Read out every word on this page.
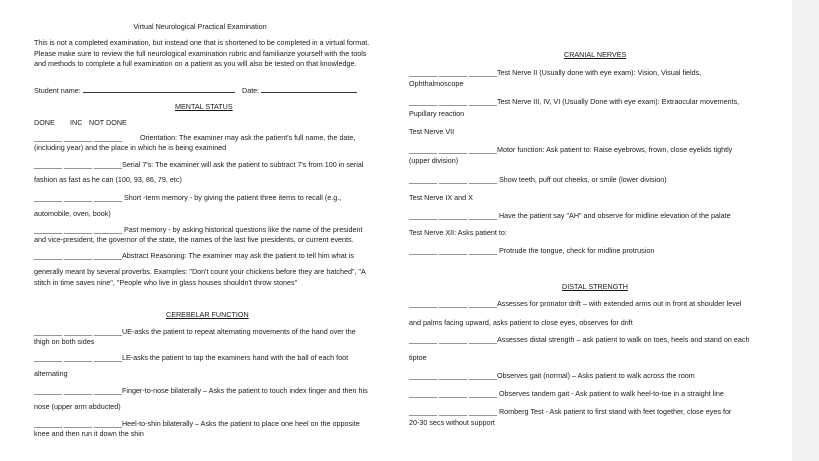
Virtual Neurological Practical Examination
This is not a completed examination, but instead one that is shortened to be completed in a virtual format. Please make sure to review the full neurological examination rubric and familiarize yourself with the tools and methods to complete a full examination on a patient as you will also be tested on that knowledge.
Student name:	Date:
MENTAL STATUS
DONE INC NOT DONE
_______ _______ _______ Orientation: The examiner may ask the patient's full name, the date,
(including year) and the place in which he is being examined
_______ _______ _______Serial 7's: The examiner will ask the patient to subtract 7's from 100 in serial
fashion as fast as he can (100, 93, 86, 79, etc)
_______ _______ _______ Short -term memory - by giving the patient three items to recall (e.g.,
automobile, oven, book)
_______ _______ _______ Past memory - by asking historical questions like the name of the president
and vice-president, the governor of the state, the names of the last five presidents, or current events.
_______ _______ _______Abstract Reasoning: The examiner may ask the patient to tell him what is
generally meant by several proverbs. Examples: "Don't count your chickens before they are hatched", "A stitch in time saves nine", "People who live in glass houses shouldn't throw stones"
CEREBELAR FUNCTION
_______ _______ _______UE-asks the patient to repeat alternating movements of the hand over the
thigh on both sides
_______ _______ _______LE-asks the patient to tap the examiners hand with the ball of each foot
alternating
_______ _______ _______Finger-to-nose bilaterally – Asks the patient to touch index finger and then his
nose (upper arm abducted)
_______ _______ _______Heel-to-shin bilaterally – Asks the patient to place one heel on the opposite
knee and then run it down the shin
CRANIAL NERVES
_______ _______ _______Test Nerve II (Usually done with eye exam): Vision, Visual fields,
Ophthalmoscope
_______ _______ _______Test Nerve III, IV, VI (Usually Done with eye exam): Extraocular movements,
Pupillary reaction
Test Nerve VII
_______ _______ _______Motor function: Ask patient to: Raise eyebrows, frown, close eyelids tightly
(upper division)
_______ _______ _______ Show teeth, puff out cheeks, or smile (lower division)
Test Nerve IX and X
_______ _______ _______ Have the patient say "AH" and observe for midline elevation of the palate
Test Nerve XII: Asks patient to:
_______ _______ _______ Protrude the tongue, check for midline protrusion
DISTAL STRENGTH
_______ _______ _______Assesses for pronator drift – with extended arms out in front at shoulder level
and palms facing upward, asks patient to close eyes, observes for drift
_______ _______ _______Assesses distal strength – ask patient to walk on toes, heels and stand on each
tiptoe
_______ _______ _______Observes gait (normal) – Asks patient to walk across the room
_______ _______ _______ Observes tandem gait - Ask patient to walk heel-to-toe in a straight line
_______ _______ _______ Romberg Test - Ask patient to first stand with feet together, close eyes for
20-30 secs without support
